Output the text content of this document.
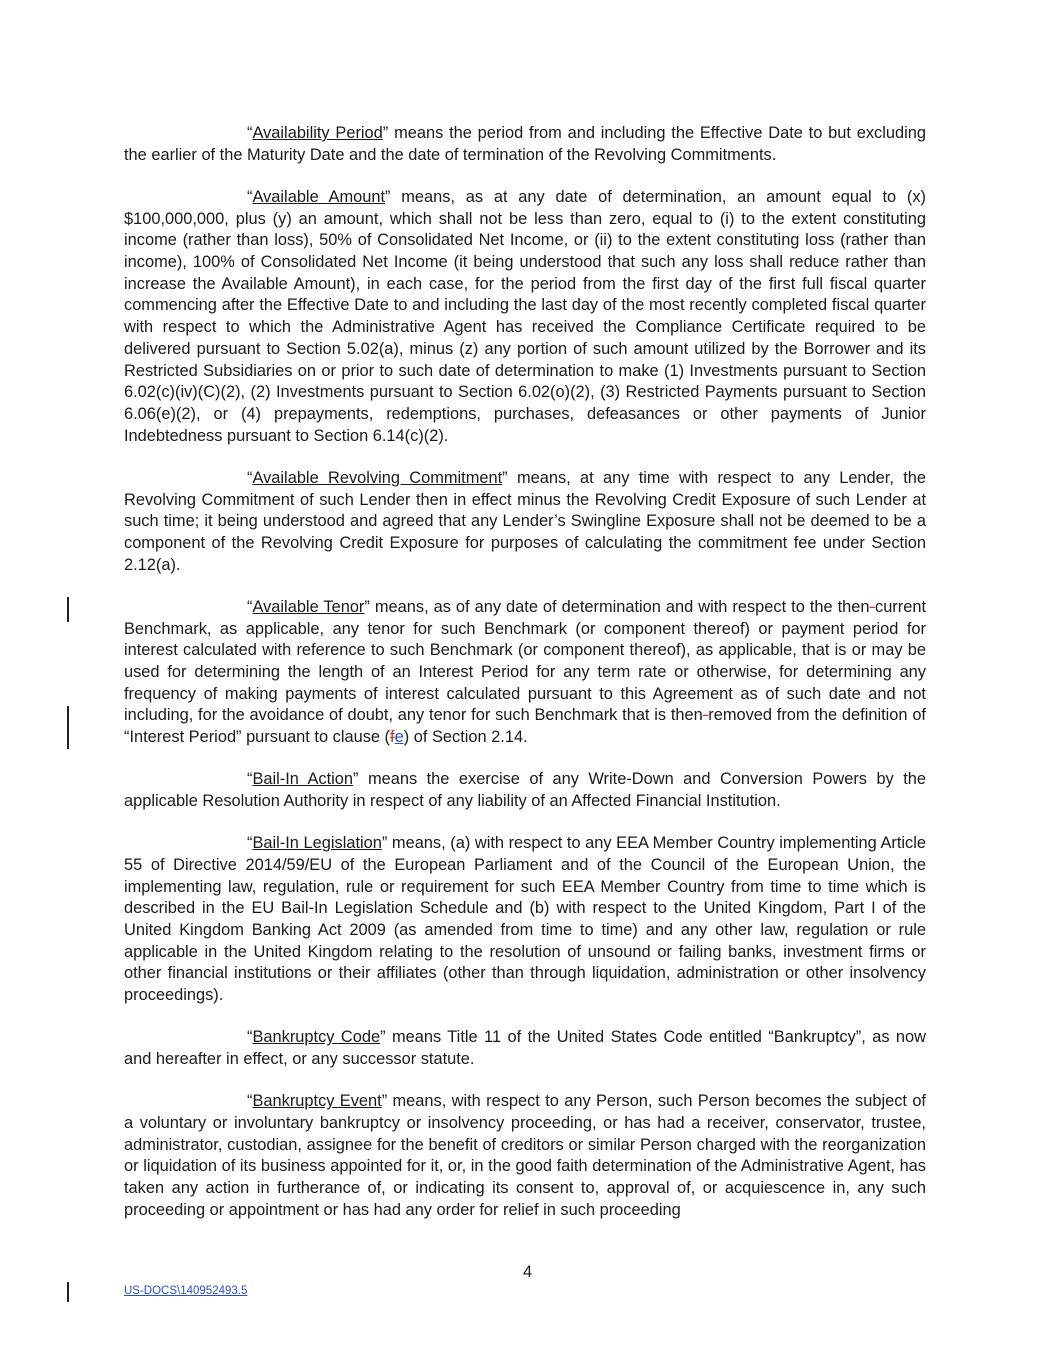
“Availability Period” means the period from and including the Effective Date to but excluding the earlier of the Maturity Date and the date of termination of the Revolving Commitments.

“Available Amount” means, as at any date of determination, an amount equal to (x) $100,000,000, plus (y) an amount, which shall not be less than zero, equal to (i) to the extent constituting income (rather than loss), 50% of Consolidated Net Income, or (ii) to the extent constituting loss (rather than income), 100% of Consolidated Net Income (it being understood that such any loss shall reduce rather than increase the Available Amount), in each case, for the period from the first day of the first full fiscal quarter commencing after the Effective Date to and including the last day of the most recently completed fiscal quarter with respect to which the Administrative Agent has received the Compliance Certificate required to be delivered pursuant to Section 5.02(a), minus (z) any portion of such amount utilized by the Borrower and its Restricted Subsidiaries on or prior to such date of determination to make (1) Investments pursuant to Section 6.02(c)(iv)(C)(2), (2) Investments pursuant to Section 6.02(o)(2), (3) Restricted Payments pursuant to Section 6.06(e)(2), or (4) prepayments, redemptions, purchases, defeasances or other payments of Junior Indebtedness pursuant to Section 6.14(c)(2).

“Available Revolving Commitment” means, at any time with respect to any Lender, the Revolving Commitment of such Lender then in effect minus the Revolving Credit Exposure of such Lender at such time; it being understood and agreed that any Lender’s Swingline Exposure shall not be deemed to be a component of the Revolving Credit Exposure for purposes of calculating the commitment fee under Section 2.12(a).

“Available Tenor” means, as of any date of determination and with respect to the then-current Benchmark, as applicable, any tenor for such Benchmark (or component thereof) or payment period for interest calculated with reference to such Benchmark (or component thereof), as applicable, that is or may be used for determining the length of an Interest Period for any term rate or otherwise, for determining any frequency of making payments of interest calculated pursuant to this Agreement as of such date and not including, for the avoidance of doubt, any tenor for such Benchmark that is then-removed from the definition of “Interest Period” pursuant to clause (fe) of Section 2.14.

“Bail-In Action” means the exercise of any Write-Down and Conversion Powers by the applicable Resolution Authority in respect of any liability of an Affected Financial Institution.

“Bail-In Legislation” means, (a) with respect to any EEA Member Country implementing Article 55 of Directive 2014/59/EU of the European Parliament and of the Council of the European Union, the implementing law, regulation, rule or requirement for such EEA Member Country from time to time which is described in the EU Bail-In Legislation Schedule and (b) with respect to the United Kingdom, Part I of the United Kingdom Banking Act 2009 (as amended from time to time) and any other law, regulation or rule applicable in the United Kingdom relating to the resolution of unsound or failing banks, investment firms or other financial institutions or their affiliates (other than through liquidation, administration or other insolvency proceedings).

“Bankruptcy Code” means Title 11 of the United States Code entitled “Bankruptcy”, as now and hereafter in effect, or any successor statute.

“Bankruptcy Event” means, with respect to any Person, such Person becomes the subject of a voluntary or involuntary bankruptcy or insolvency proceeding, or has had a receiver, conservator, trustee, administrator, custodian, assignee for the benefit of creditors or similar Person charged with the reorganization or liquidation of its business appointed for it, or, in the good faith determination of the Administrative Agent, has taken any action in furtherance of, or indicating its consent to, approval of, or acquiescence in, any such proceeding or appointment or has had any order for relief in such proceeding

4
US-DOCS\140952493.5
